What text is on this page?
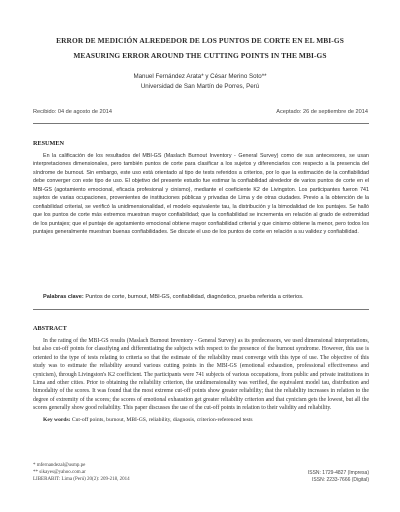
ERROR DE MEDICIÓN ALREDEDOR DE LOS PUNTOS DE CORTE EN EL MBI-GS
MEASURING ERROR AROUND THE CUTTING POINTS IN THE MBI-GS
Manuel Fernández Arata* y César Merino Soto**
Universidad de San Martín de Porres, Perú
Recibido: 04 de agosto de 2014	Aceptado: 26 de septiembre de 2014
RESUMEN
En la calificación de los resultados del MBI-GS (Maslach Burnout Inventory - General Survey) como de sus antecesores, se usan interpretaciones dimensionales, pero también puntos de corte para clasificar a los sujetos y diferenciarlos con respecto a la presencia del síndrome de burnout. Sin embargo, este uso está orientado al tipo de tests referidos a criterios, por lo que la estimación de la confiabilidad debe converger con este tipo de uso. El objetivo del presente estudio fue estimar la confiabilidad alrededor de varios puntos de corte en el MBI-GS (agotamiento emocional, eficacia profesional y cinismo), mediante el coeficiente K2 de Livingston. Los participantes fueron 741 sujetos de varias ocupaciones, provenientes de instituciones públicas y privadas de Lima y de otras ciudades. Previo a la obtención de la confiabilidad criterial, se verificó la unidimensionalidad, el modelo equivalente tau, la distribución y la bimodalidad de los puntajes. Se halló que los puntos de corte más extremos muestran mayor confiabilidad; que la confiabilidad se incrementa en relación al grado de extremidad de los puntajes; que el puntaje de agotamiento emocional obtiene mayor confiabilidad criterial y que cinismo obtiene la menor, pero todos los puntajes generalmente muestran buenas confiabilidades. Se discute el uso de los puntos de corte en relación a su validez y confiabilidad.
Palabras clave: Puntos de corte, burnout, MBI-GS, confiabilidad, diagnóstico, prueba referida a criterios.
ABSTRACT
In the rating of the MBI-GS results (Maslach Burnout Inventory - General Survey) as its predecessors, we used dimensional interpretations, but also cut-off points for classifying and differentiating the subjects with respect to the presence of the burnout syndrome. However, this use is oriented to the type of tests relating to criteria so that the estimate of the reliability must converge with this type of use. The objective of this study was to estimate the reliability around various cutting points in the MBI-GS (emotional exhaustion, professional effectiveness and cynicism), through Livingston's K2 coefficient. The participants were 741 subjects of various occupations, from public and private institutions in Lima and other cities. Prior to obtaining the reliability criterion, the unidimensionality was verified, the equivalent model tau, distribution and bimodality of the scores. It was found that the most extreme cut-off points show greater reliability; that the reliability increases in relation to the degree of extremity of the scores; the scores of emotional exhaustion get greater reliability criterion and that cynicism gets the lowest, but all the scores generally show good reliability. This paper discusses the use of the cut-off points in relation to their validity and reliability.
Key words: Cut-off points, burnout, MBI-GS, reliability, diagnosis, criterion-referenced tests
* mfernandezal@usmp.pe
** sikayes@yahoo.com.ar
LIBERABIT: Lima (Perú) 20(2): 209-218, 2014
ISSN: 1729-4827 (Impresa)
ISSN: 2233-7666 (Digital)
